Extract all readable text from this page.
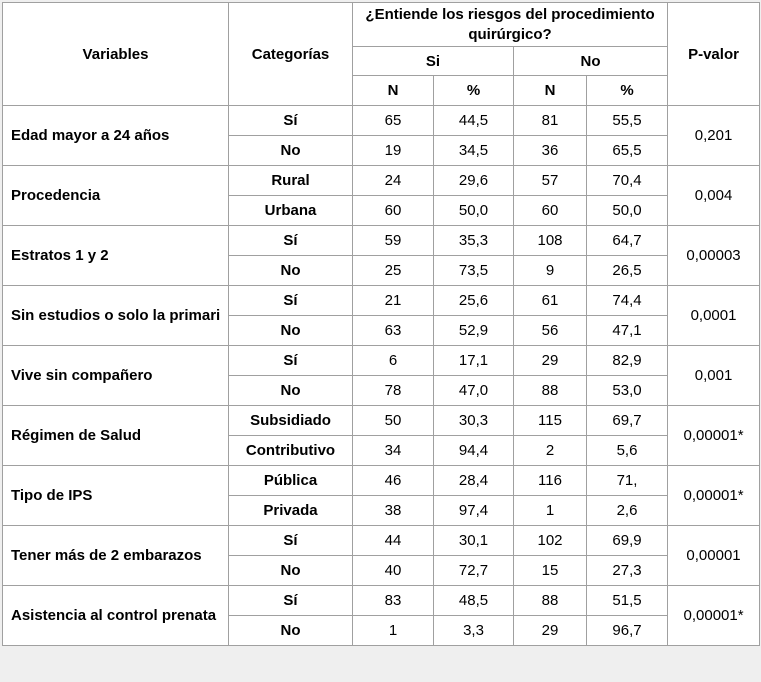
Variables	Categorías	¿Entiende los riesgos del procedimiento
quirúrgico?				P-valor
		Si		No		
		N	%	N	%	
Edad mayor a 24 años	Sí	65	44,5	81	55,5	0,201
	No	19	34,5	36	65,5	
Procedencia	Rural	24	29,6	57	70,4	0,004
	Urbana	60	50,0	60	50,0	
Estratos 1 y 2	Sí	59	35,3	108	64,7	0,00003
	No	25	73,5	9	26,5	
Sin estudios o solo la primari	Sí	21	25,6	61	74,4	0,0001
	No	63	52,9	56	47,1	
Vive sin compañero	Sí	6	17,1	29	82,9	0,001
	No	78	47,0	88	53,0	
Régimen de Salud	Subsidiado	50	30,3	115	69,7	0,00001*
	Contributivo	34	94,4	2	5,6	
Tipo de IPS	Pública	46	28,4	116	71,	0,00001*
	Privada	38	97,4	1	2,6	
Tener más de 2 embarazos	Sí	44	30,1	102	69,9	0,00001
	No	40	72,7	15	27,3	
Asistencia al control prenata	Sí	83	48,5	88	51,5	0,00001*
	No	1	3,3	29	96,7	
